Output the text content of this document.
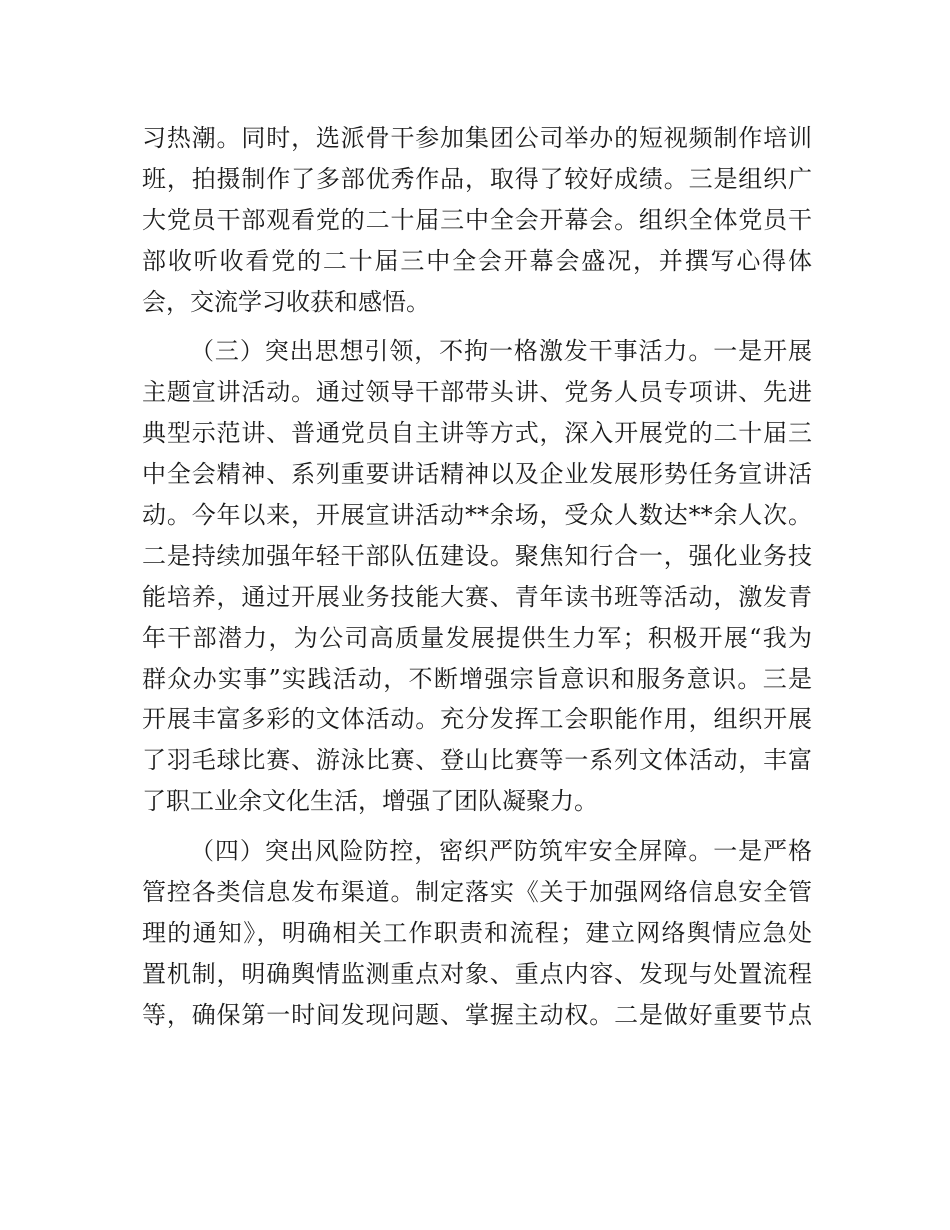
习热潮。同时，选派骨干参加集团公司举办的短视频制作培训
班，拍摄制作了多部优秀作品，取得了较好成绩。三是组织广
大党员干部观看党的二十届三中全会开幕会。组织全体党员干
部收听收看党的二十届三中全会开幕会盛况，并撰写心得体
会，交流学习收获和感悟。
（三）突出思想引领，不拘一格激发干事活力。一是开展
主题宣讲活动。通过领导干部带头讲、党务人员专项讲、先进
典型示范讲、普通党员自主讲等方式，深入开展党的二十届三
中全会精神、系列重要讲话精神以及企业发展形势任务宣讲活
动。今年以来，开展宣讲活动**余场，受众人数达**余人次。
二是持续加强年轻干部队伍建设。聚焦知行合一，强化业务技
能培养，通过开展业务技能大赛、青年读书班等活动，激发青
年干部潜力，为公司高质量发展提供生力军；积极开展“我为
群众办实事”实践活动，不断增强宗旨意识和服务意识。三是
开展丰富多彩的文体活动。充分发挥工会职能作用，组织开展
了羽毛球比赛、游泳比赛、登山比赛等一系列文体活动，丰富
了职工业余文化生活，增强了团队凝聚力。
（四）突出风险防控，密织严防筑牢安全屏障。一是严格
管控各类信息发布渠道。制定落实《关于加强网络信息安全管
理的通知》，明确相关工作职责和流程；建立网络舆情应急处
置机制，明确舆情监测重点对象、重点内容、发现与处置流程
等，确保第一时间发现问题、掌握主动权。二是做好重要节点
